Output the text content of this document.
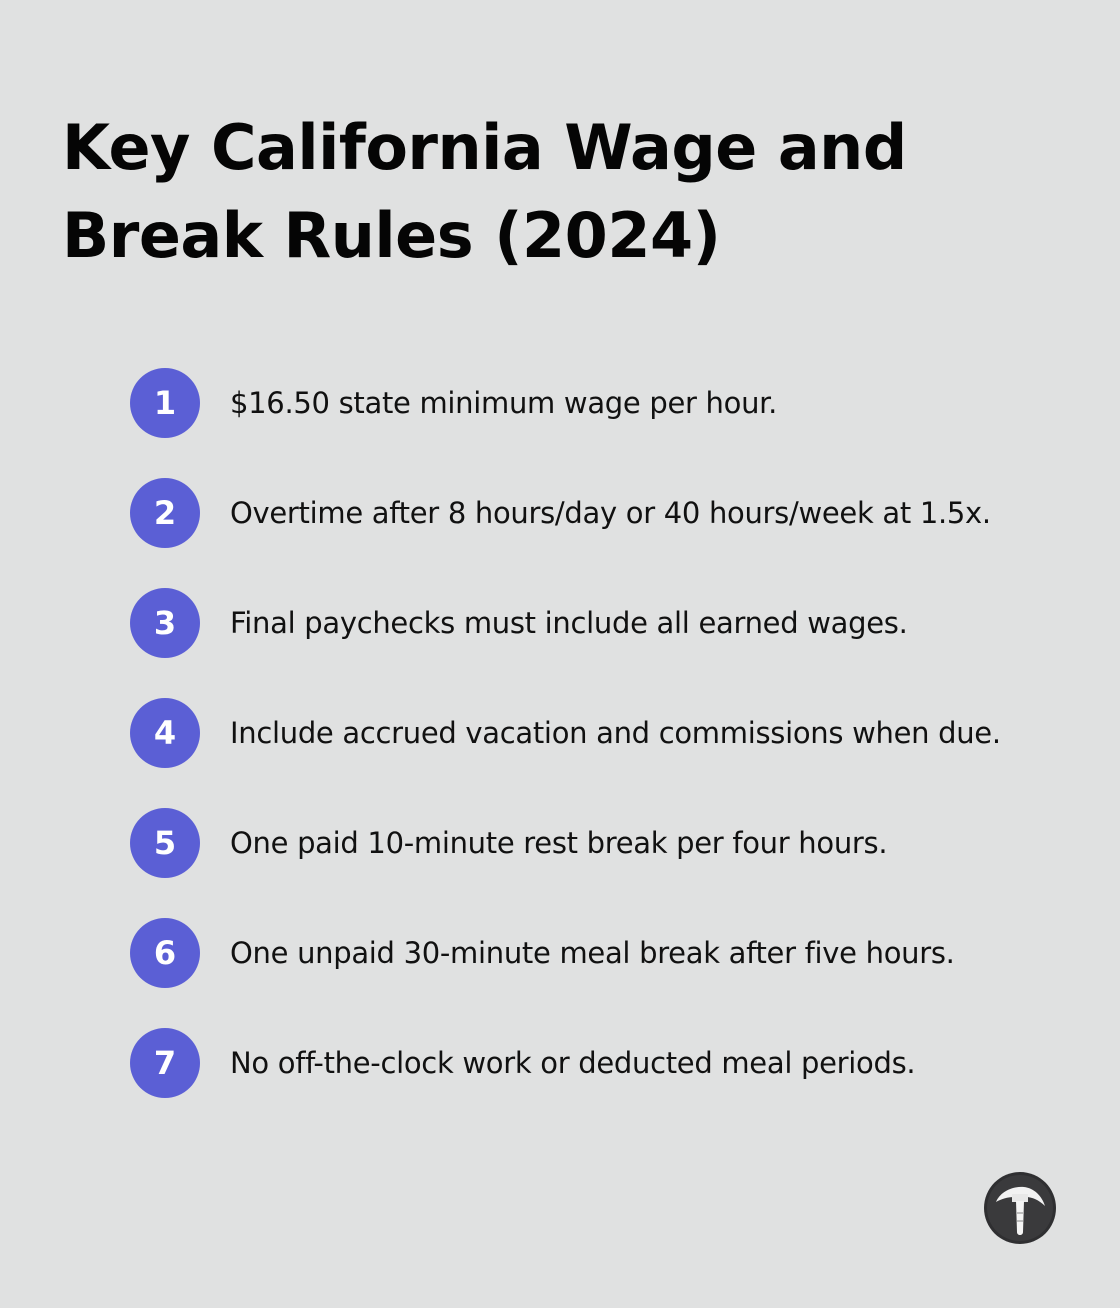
Key California Wage and Break Rules (2024)
1	$16.50 state minimum wage per hour.
2	Overtime after 8 hours/day or 40 hours/week at 1.5x.
3	Final paychecks must include all earned wages.
4	Include accrued vacation and commissions when due.
5	One paid 10-minute rest break per four hours.
6	One unpaid 30-minute meal break after five hours.
7	No off-the-clock work or deducted meal periods.
